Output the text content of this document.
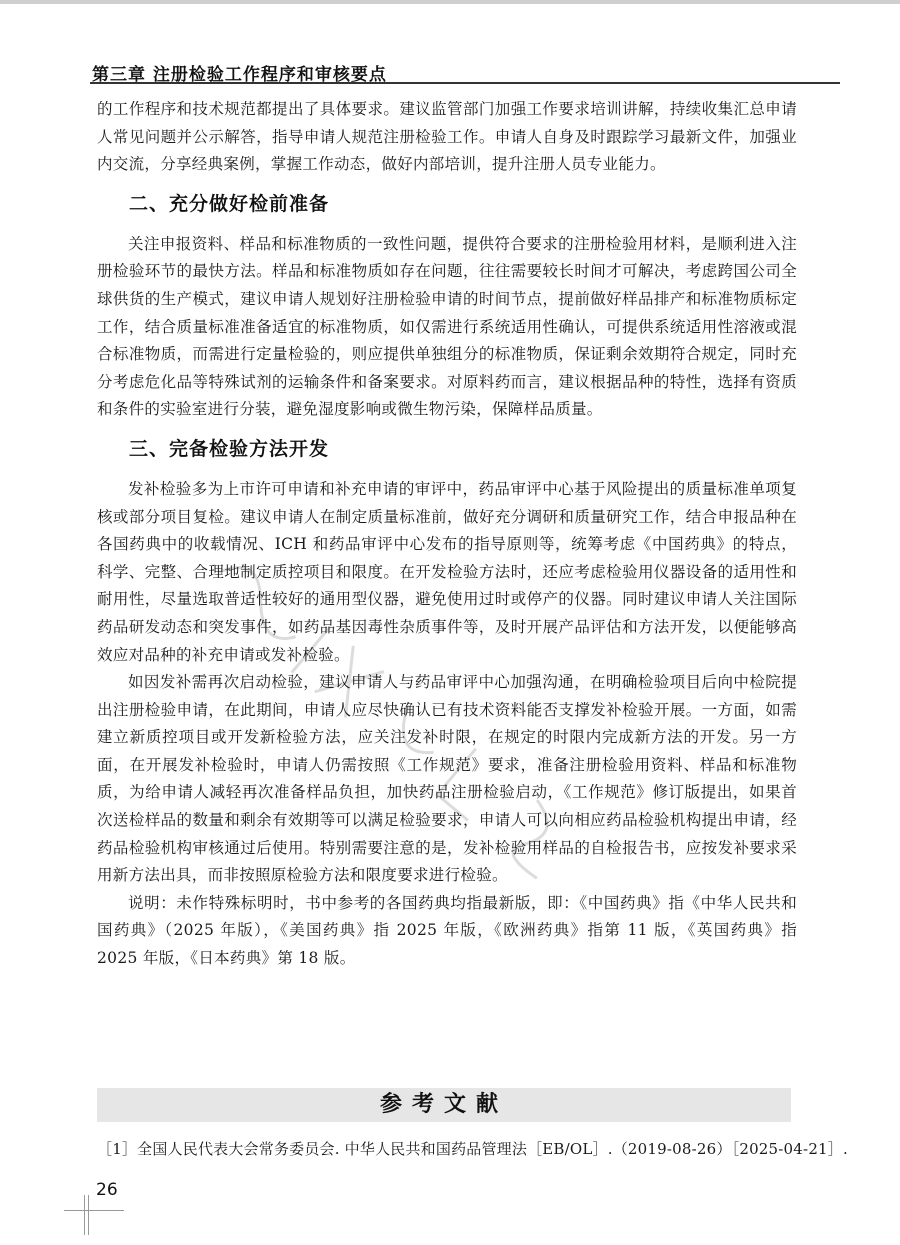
第三章 注册检验工作程序和审核要点

的工作程序和技术规范都提出了具体要求。建议监管部门加强工作要求培训讲解，持续收集汇总申请人常见问题并公示解答，指导申请人规范注册检验工作。申请人自身及时跟踪学习最新文件，加强业内交流，分享经典案例，掌握工作动态，做好内部培训，提升注册人员专业能力。

二、充分做好检前准备

关注申报资料、样品和标准物质的一致性问题，提供符合要求的注册检验用材料，是顺利进入注册检验环节的最快方法。样品和标准物质如存在问题，往往需要较长时间才可解决，考虑跨国公司全球供货的生产模式，建议申请人规划好注册检验申请的时间节点，提前做好样品排产和标准物质标定工作，结合质量标准准备适宜的标准物质，如仅需进行系统适用性确认，可提供系统适用性溶液或混合标准物质，而需进行定量检验的，则应提供单独组分的标准物质，保证剩余效期符合规定，同时充分考虑危化品等特殊试剂的运输条件和备案要求。对原料药而言，建议根据品种的特性，选择有资质和条件的实验室进行分装，避免湿度影响或微生物污染，保障样品质量。

三、完备检验方法开发

发补检验多为上市许可申请和补充申请的审评中，药品审评中心基于风险提出的质量标准单项复核或部分项目复检。建议申请人在制定质量标准前，做好充分调研和质量研究工作，结合申报品种在各国药典中的收载情况、ICH 和药品审评中心发布的指导原则等，统筹考虑《中国药典》的特点，科学、完整、合理地制定质控项目和限度。在开发检验方法时，还应考虑检验用仪器设备的适用性和耐用性，尽量选取普适性较好的通用型仪器，避免使用过时或停产的仪器。同时建议申请人关注国际药品研发动态和突发事件，如药品基因毒性杂质事件等，及时开展产品评估和方法开发，以便能够高效应对品种的补充申请或发补检验。

如因发补需再次启动检验，建议申请人与药品审评中心加强沟通，在明确检验项目后向中检院提出注册检验申请，在此期间，申请人应尽快确认已有技术资料能否支撑发补检验开展。一方面，如需建立新质控项目或开发新检验方法，应关注发补时限，在规定的时限内完成新方法的开发。另一方面，在开展发补检验时，申请人仍需按照《工作规范》要求，准备注册检验用资料、样品和标准物质，为给申请人减轻再次准备样品负担，加快药品注册检验启动，《工作规范》修订版提出，如果首次送检样品的数量和剩余有效期等可以满足检验要求，申请人可以向相应药品检验机构提出申请，经药品检验机构审核通过后使用。特别需要注意的是，发补检验用样品的自检报告书，应按发补要求采用新方法出具，而非按照原检验方法和限度要求进行检验。

说明：未作特殊标明时，书中参考的各国药典均指最新版，即：《中国药典》指《中华人民共和国药典》（2025 年版），《美国药典》指 2025 年版，《欧洲药典》指第 11 版，《英国药典》指 2025 年版，《日本药典》第 18 版。

参考文献
［1］全国人民代表大会常务委员会. 中华人民共和国药品管理法［EB/OL］.（2019-08-26）［2025-04-21］.
26
